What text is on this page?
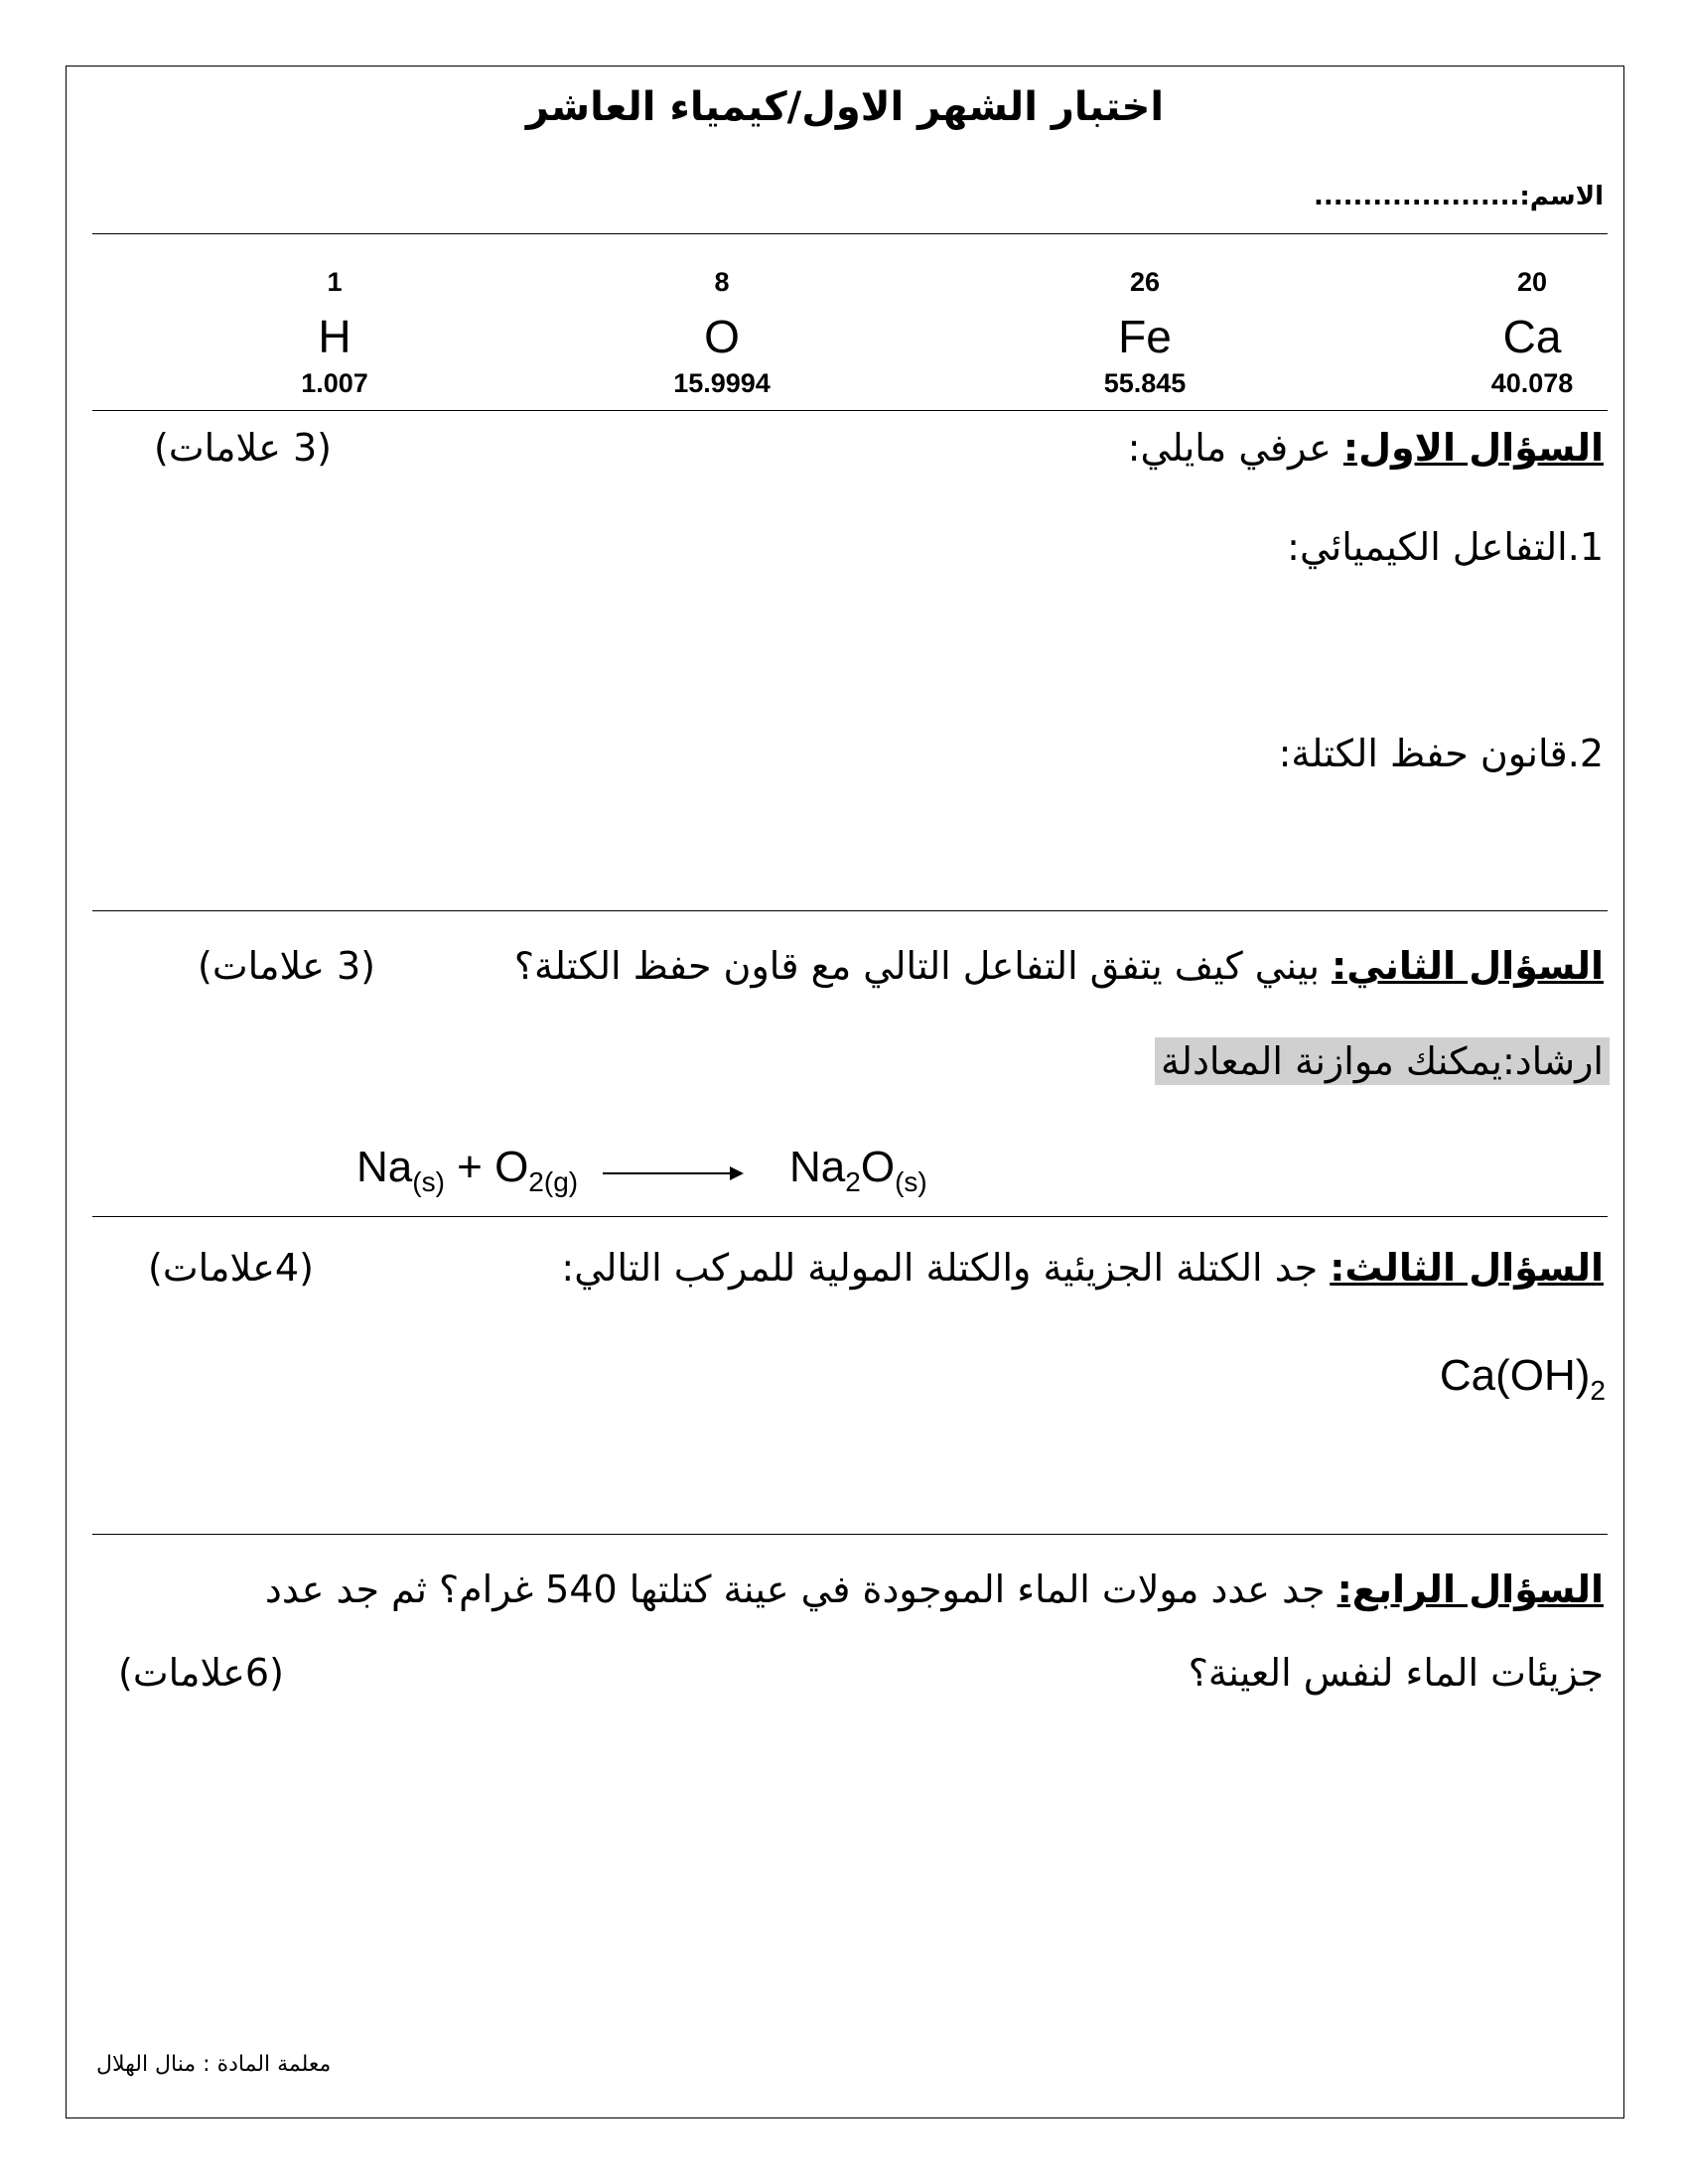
اختبار الشهر الاول/كيمياء العاشر
الاسم:.....................
1
H
1.007
8
O
15.9994
26
Fe
55.845
20
Ca
40.078
السؤال الاول: عرفي مايلي:
(3 علامات)
1.التفاعل الكيميائي:
2.قانون حفظ الكتلة:
السؤال الثاني: بيني كيف يتفق التفاعل التالي مع قاون حفظ الكتلة؟
(3 علامات)
ارشاد:يمكنك موازنة المعادلة
$Na_{(s)} + O_{2(g)}$	$Na_2O_{(s)}$
السؤال الثالث: جد الكتلة الجزيئية والكتلة المولية للمركب التالي:
(4علامات)
$Ca(OH)_2$
السؤال الرابع: جد عدد مولات الماء الموجودة في عينة كتلتها 540 غرام؟ ثم جد عدد
جزيئات الماء لنفس العينة؟
(6علامات)
معلمة المادة : منال الهلال
